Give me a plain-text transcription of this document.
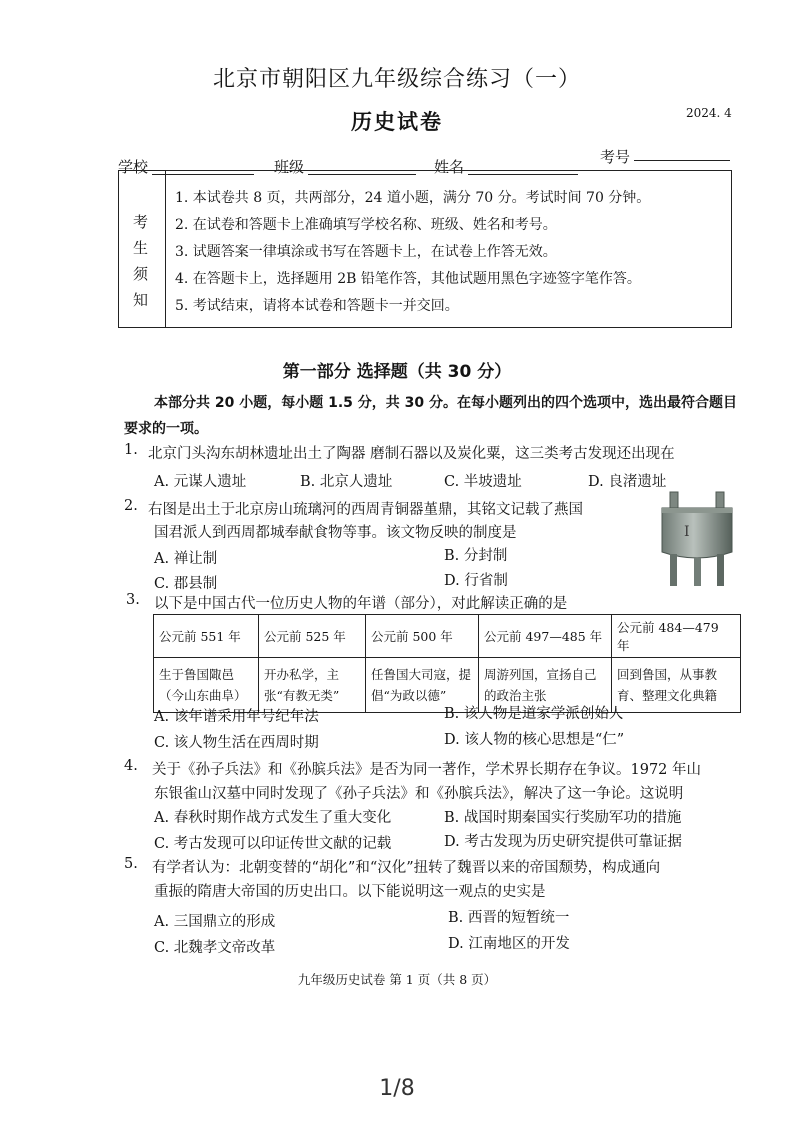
北京市朝阳区九年级综合练习（一）
历史试卷	2024. 4
学校	班级	姓名
考号
考
生
须
知
1. 本试卷共 8 页，共两部分，24 道小题，满分 70 分。考试时间 70 分钟。
2. 在试卷和答题卡上准确填写学校名称、班级、姓名和考号。
3. 试题答案一律填涂或书写在答题卡上，在试卷上作答无效。
4. 在答题卡上，选择题用 2B 铅笔作答，其他试题用黑色字迹签字笔作答。
5. 考试结束，请将本试卷和答题卡一并交回。
第一部分 选择题（共 30 分）
本部分共 20 小题，每小题 1.5 分，共 30 分。在每小题列出的四个选项中，选出最符合题目要求的一项。
1. 北京门头沟东胡林遗址出土了陶器 磨制石器以及炭化粟，这三类考古发现还出现在
A. 元谋人遗址	B. 北京人遗址	C. 半坡遗址	D. 良渚遗址
2. 右图是出土于北京房山琉璃河的西周青铜器堇鼎，其铭文记载了燕国
国君派人到西周都城奉献食物等事。该文物反映的制度是
A. 禅让制	B. 分封制
C. 郡县制	D. 行省制
I
3. 以下是中国古代一位历史人物的年谱（部分），对此解读正确的是
公元前 551 年	公元前 525 年	公元前 500 年	公元前 497—485 年	公元前 484—479 年
生于鲁国陬邑（今山东曲阜）	开办私学，主张“有教无类”	任鲁国大司寇，提倡“为政以德”	周游列国，宣扬自己的政治主张	回到鲁国，从事教育、整理文化典籍
A. 该年谱采用年号纪年法	B. 该人物是道家学派创始人
C. 该人物生活在西周时期	D. 该人物的核心思想是“仁”
4. 关于《孙子兵法》和《孙膑兵法》是否为同一著作，学术界长期存在争议。1972 年山
东银雀山汉墓中同时发现了《孙子兵法》和《孙膑兵法》，解决了这一争论。这说明
A. 春秋时期作战方式发生了重大变化	B. 战国时期秦国实行奖励军功的措施
C. 考古发现可以印证传世文献的记载	D. 考古发现为历史研究提供可靠证据
5. 有学者认为：北朝变替的“胡化”和“汉化”扭转了魏晋以来的帝国颓势，构成通向
重振的隋唐大帝国的历史出口。以下能说明这一观点的史实是
A. 三国鼎立的形成	B. 西晋的短暂统一
C. 北魏孝文帝改革	D. 江南地区的开发
九年级历史试卷 第 1 页（共 8 页）
1/8
